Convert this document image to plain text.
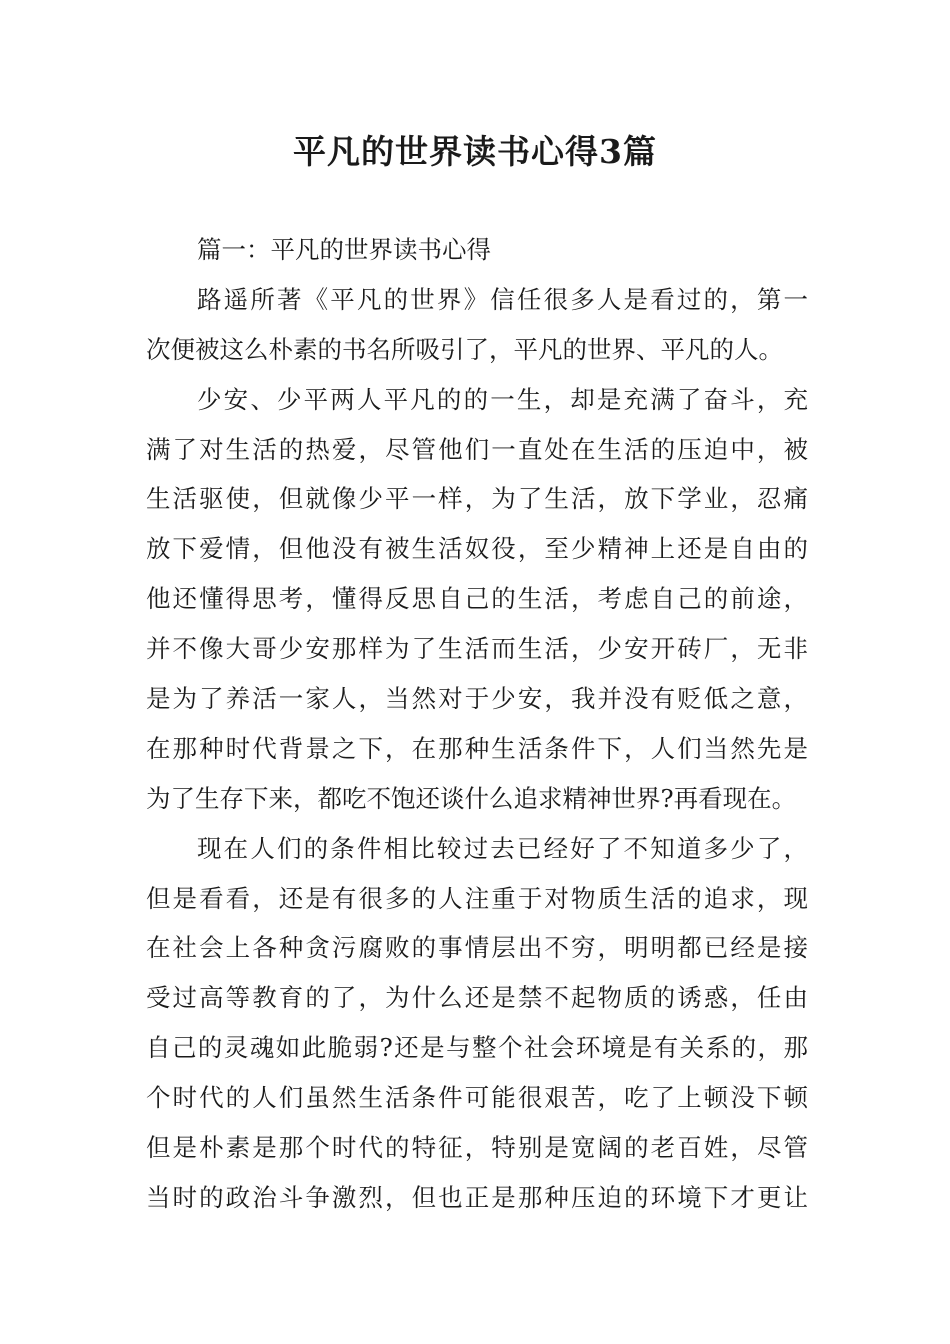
平凡的世界读书心得3篇
篇一：平凡的世界读书心得
路遥所著《平凡的世界》信任很多人是看过的，第一
次便被这么朴素的书名所吸引了，平凡的世界、平凡的人。
少安、少平两人平凡的的一生，却是充满了奋斗，充
满了对生活的热爱，尽管他们一直处在生活的压迫中，被
生活驱使，但就像少平一样，为了生活，放下学业，忍痛
放下爱情，但他没有被生活奴役，至少精神上还是自由的
他还懂得思考，懂得反思自己的生活，考虑自己的前途，
并不像大哥少安那样为了生活而生活，少安开砖厂，无非
是为了养活一家人，当然对于少安，我并没有贬低之意，
在那种时代背景之下，在那种生活条件下，人们当然先是
为了生存下来，都吃不饱还谈什么追求精神世界?再看现在。
现在人们的条件相比较过去已经好了不知道多少了，
但是看看，还是有很多的人注重于对物质生活的追求，现
在社会上各种贪污腐败的事情层出不穷，明明都已经是接
受过高等教育的了，为什么还是禁不起物质的诱惑，任由
自己的灵魂如此脆弱?还是与整个社会环境是有关系的，那
个时代的人们虽然生活条件可能很艰苦，吃了上顿没下顿
但是朴素是那个时代的特征，特别是宽阔的老百姓，尽管
当时的政治斗争激烈，但也正是那种压迫的环境下才更让
